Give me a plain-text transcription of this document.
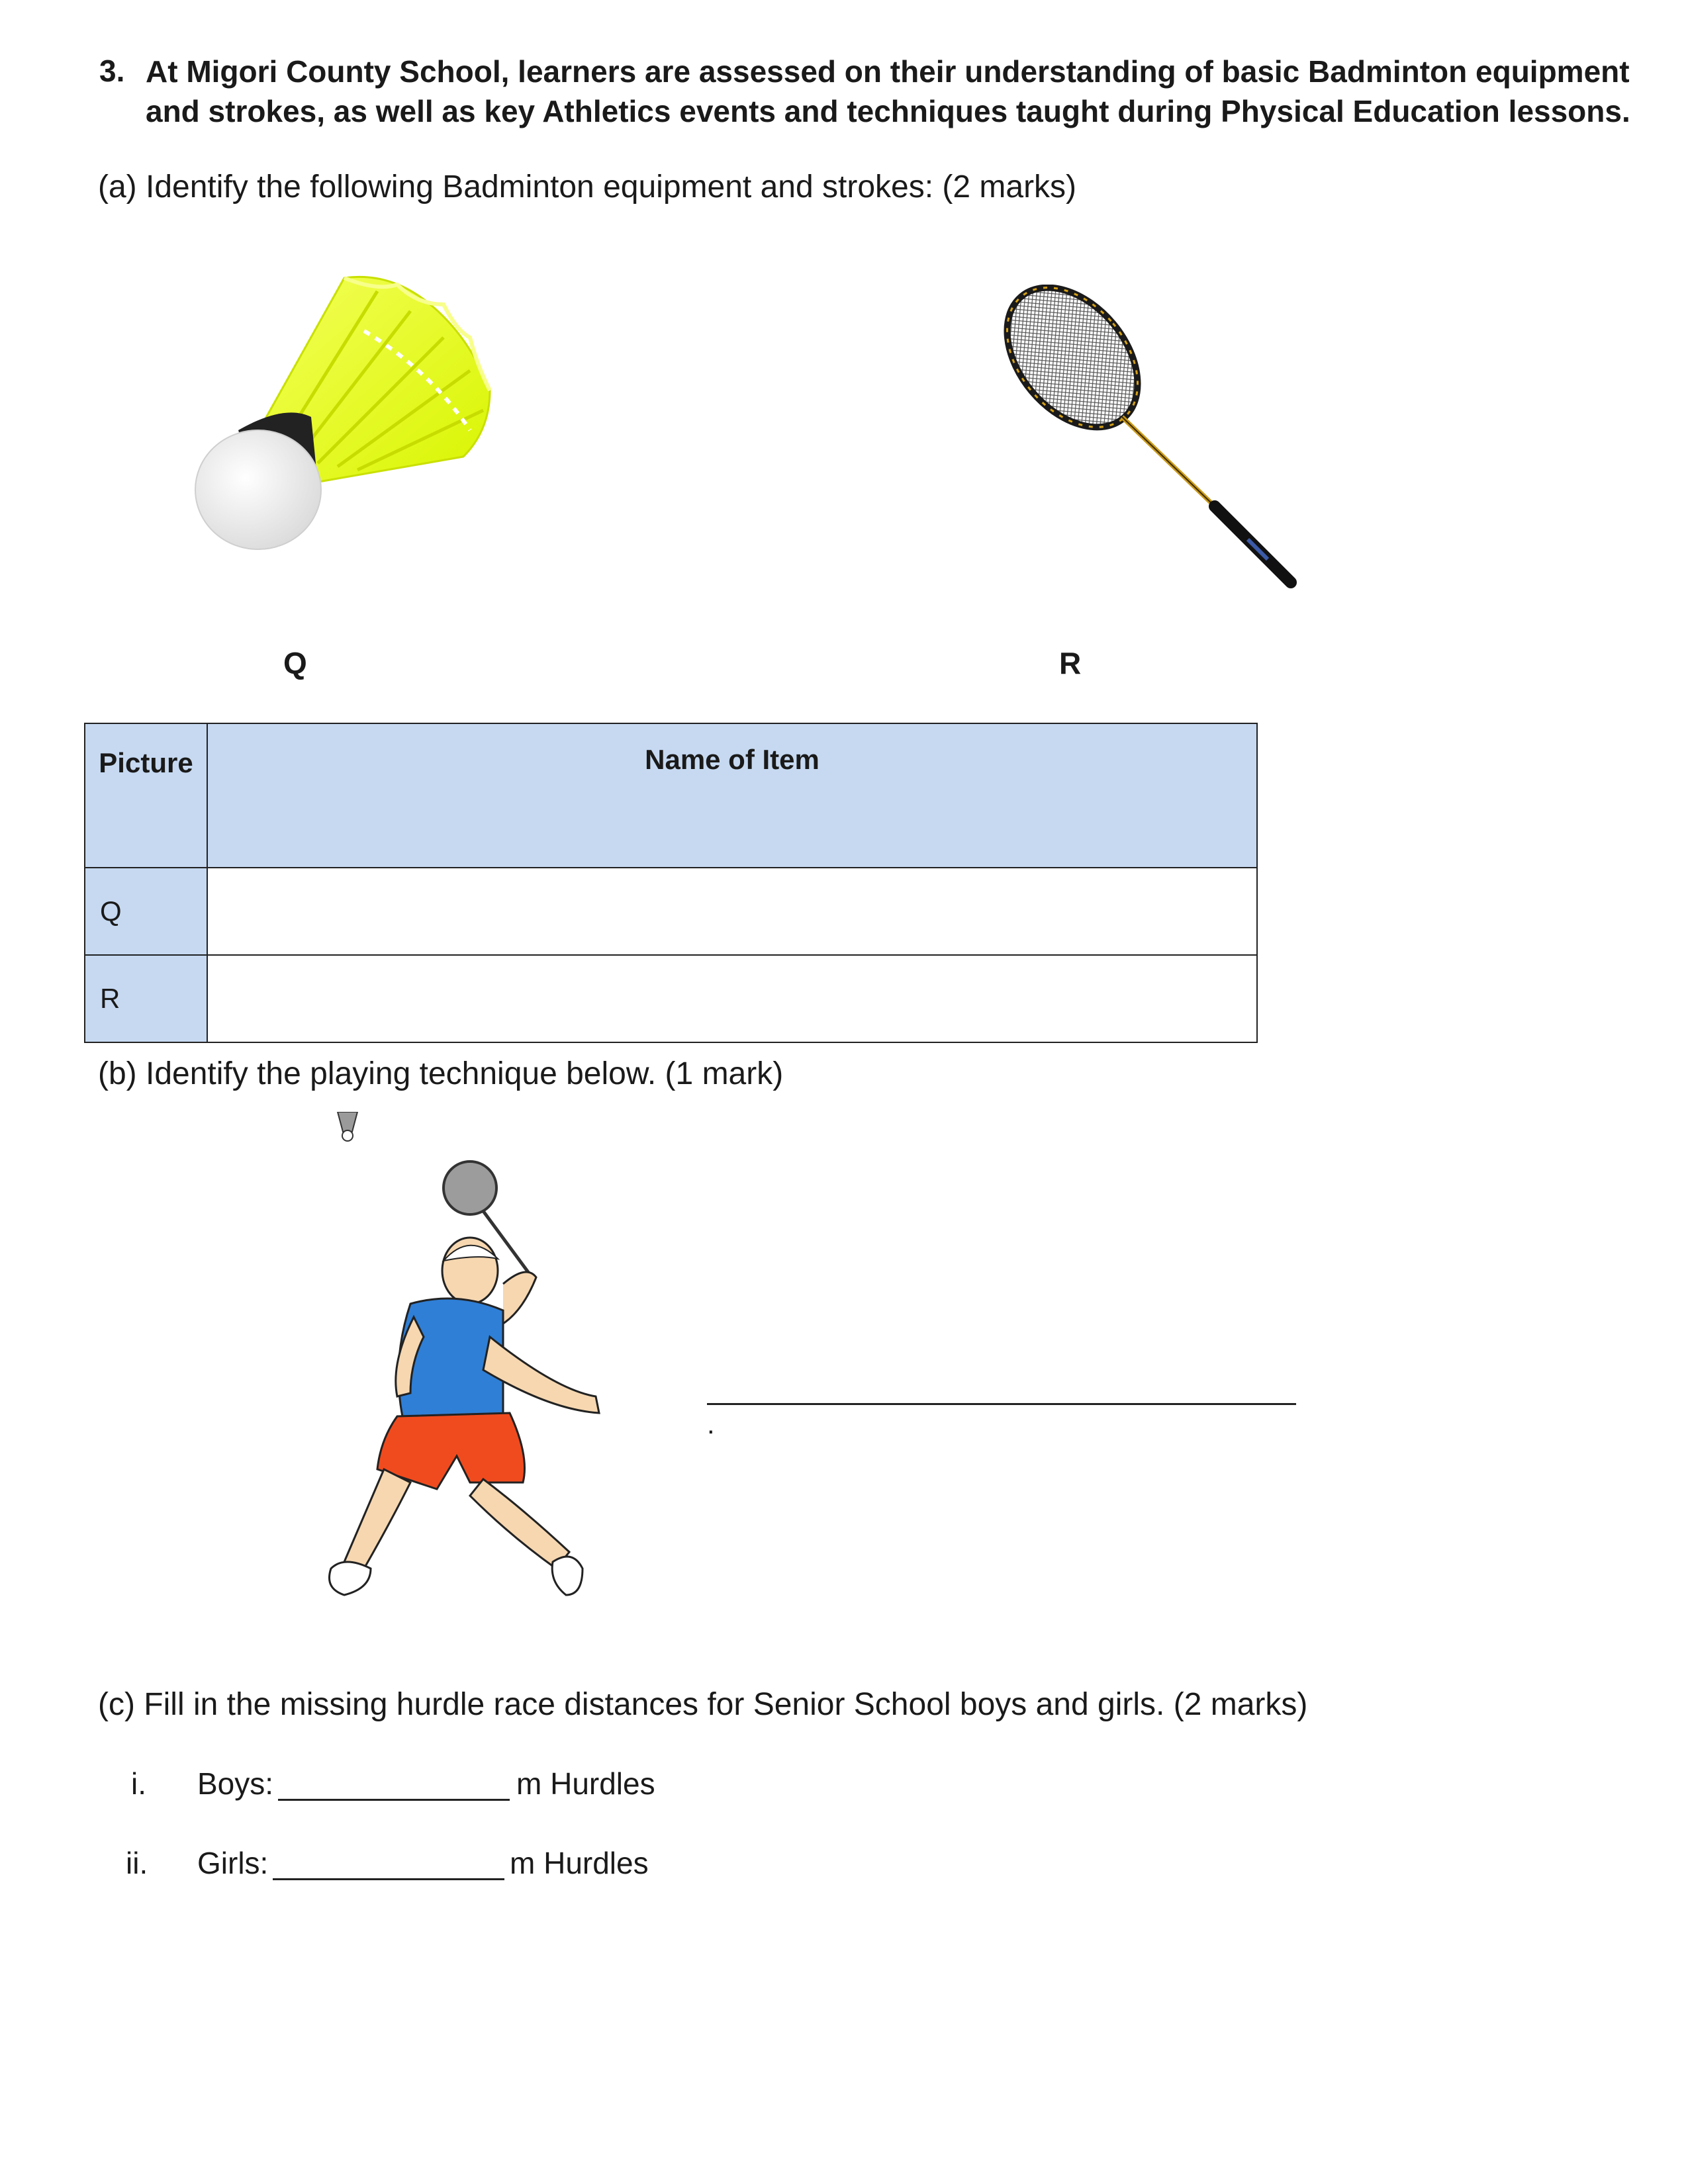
3. At Migori County School, learners are assessed on their understanding of basic Badminton equipment and strokes, as well as key Athletics events and techniques taught during Physical Education lessons.
(a) Identify the following Badminton equipment and strokes: (2 marks)
Q	R
Picture	Name of Item
Q	
R	
(b) Identify the playing technique below. (1 mark)
.
(c) Fill in the missing hurdle race distances for Senior School boys and girls. (2 marks)
i. Boys:	m Hurdles
ii. Girls:	m Hurdles
